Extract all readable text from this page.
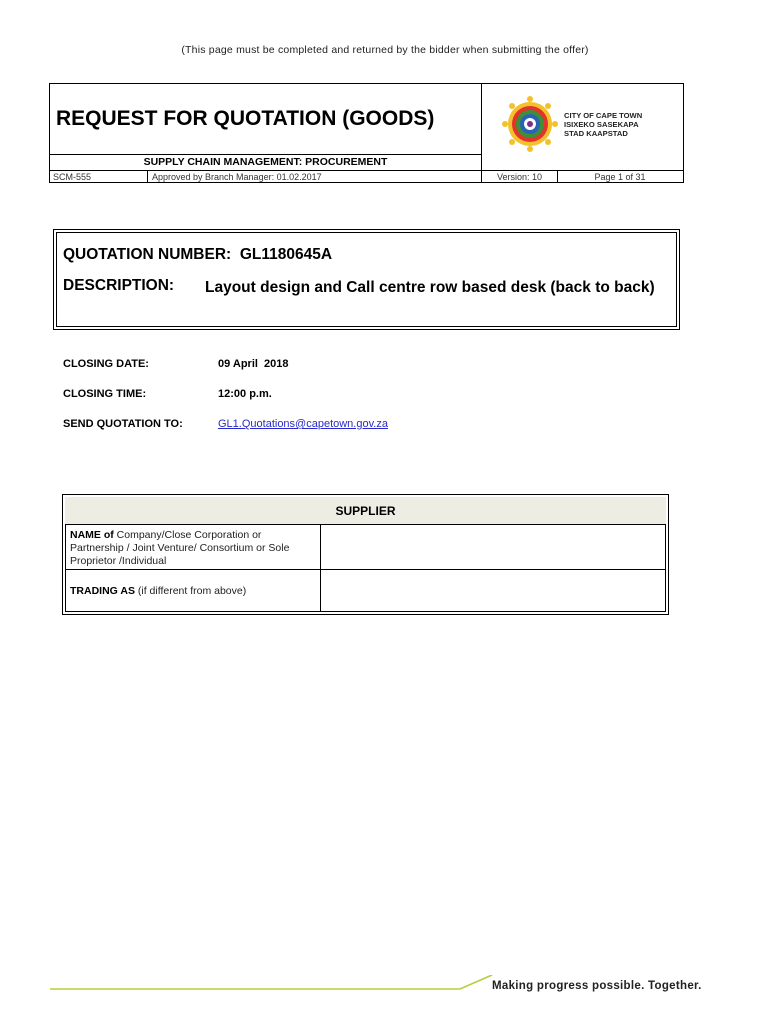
(This page must be completed and returned by the bidder when submitting the offer)
REQUEST FOR QUOTATION (GOODS)	CITY OF CAPE TOWN
ISIXEKO SASEKAPA
STAD KAAPSTAD
SUPPLY CHAIN MANAGEMENT: PROCUREMENT
SCM-555	Approved by Branch Manager: 01.02.2017	Version: 10	Page 1 of 31
QUOTATION NUMBER: GL1180645A
DESCRIPTION:	Layout design and Call centre row based desk (back to back)
CLOSING DATE:	09 April  2018
CLOSING TIME:	12:00 p.m.
SEND QUOTATION TO:	GL1.Quotations@capetown.gov.za
SUPPLIER
NAME of Company/Close Corporation or Partnership / Joint Venture/ Consortium or Sole Proprietor /Individual
TRADING AS (if different from above)
Making progress possible. Together.
